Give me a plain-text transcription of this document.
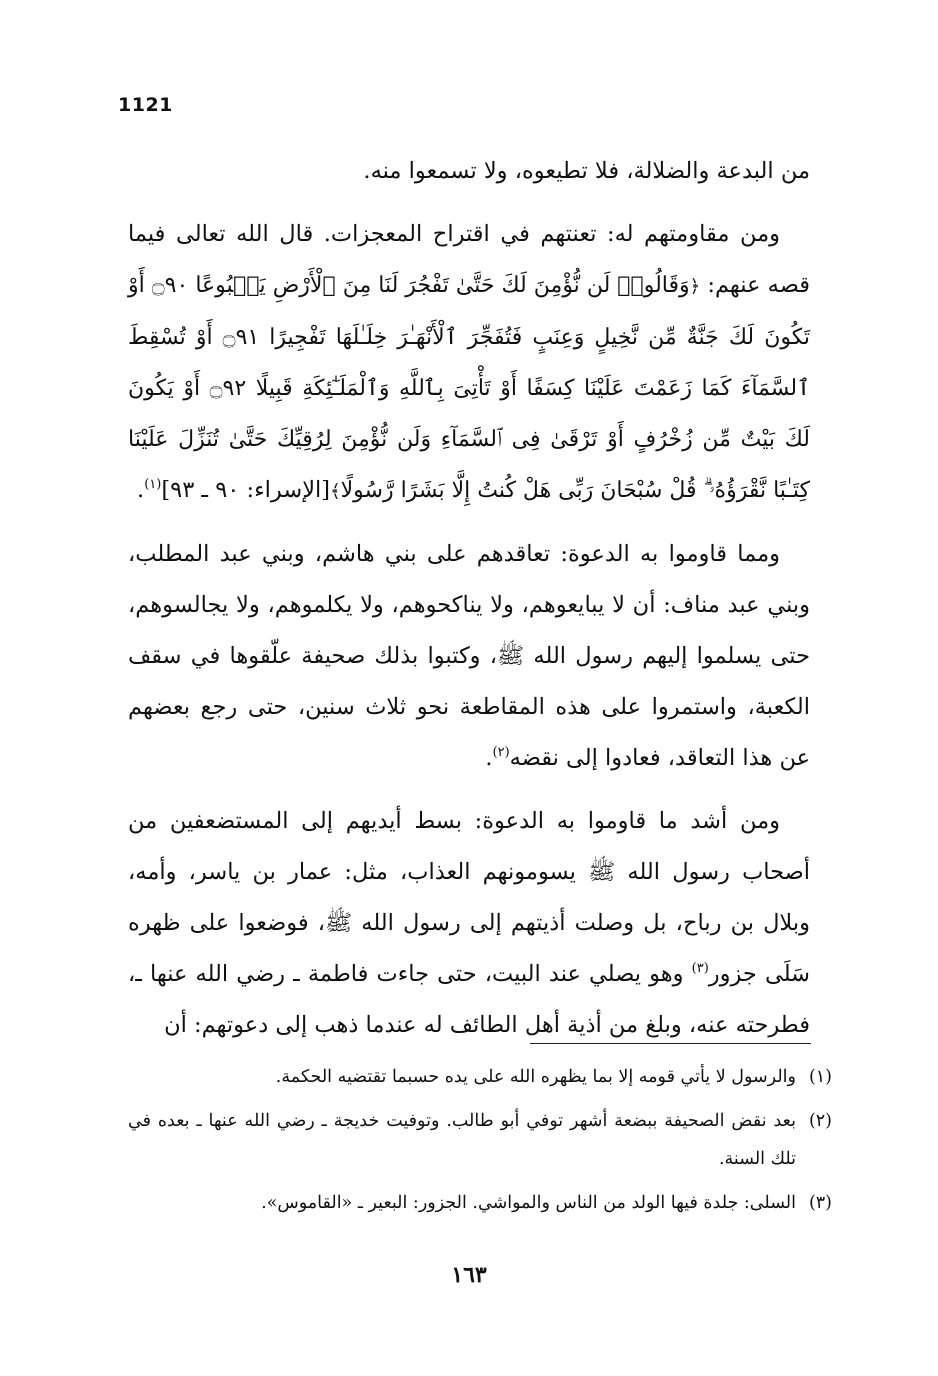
1121

من البدعة والضلالة، فلا تطيعوه، ولا تسمعوا منه.

ومن مقاومتهم له: تعنتهم في اقتراح المعجزات. قال الله تعالى فيما قصه عنهم: ﴿وَقَالُوا۟ لَن نُّؤْمِنَ لَكَ حَتَّىٰ تَفْجُرَ لَنَا مِنَ ٱلْأَرْضِ يَنۢبُوعًا ۝٩٠ أَوْ تَكُونَ لَكَ جَنَّةٌ مِّن نَّخِيلٍ وَعِنَبٍ فَتُفَجِّرَ ٱلْأَنْهَـٰرَ خِلَـٰلَهَا تَفْجِيرًا ۝٩١ أَوْ تُسْقِطَ ٱلسَّمَآءَ كَمَا زَعَمْتَ عَلَيْنَا كِسَفًا أَوْ تَأْتِىَ بِٱللَّهِ وَٱلْمَلَـٰٓئِكَةِ قَبِيلًا ۝٩٢ أَوْ يَكُونَ لَكَ بَيْتٌ مِّن زُخْرُفٍ أَوْ تَرْقَىٰ فِى ٱلسَّمَآءِ وَلَن نُّؤْمِنَ لِرُقِيِّكَ حَتَّىٰ تُنَزِّلَ عَلَيْنَا كِتَـٰبًا نَّقْرَؤُهُۥ ۗ قُلْ سُبْحَانَ رَبِّى هَلْ كُنتُ إِلَّا بَشَرًا رَّسُولًا﴾[الإسراء: ٩٠ ـ ٩٣]$^{(١)}$.

ومما قاوموا به الدعوة: تعاقدهم على بني هاشم، وبني عبد المطلب، وبني عبد مناف: أن لا يبايعوهم، ولا يناكحوهم، ولا يكلموهم، ولا يجالسوهم، حتى يسلموا إليهم رسول الله ﷺ، وكتبوا بذلك صحيفة علّقوها في سقف الكعبة، واستمروا على هذه المقاطعة نحو ثلاث سنين، حتى رجع بعضهم عن هذا التعاقد، فعادوا إلى نقضه$^{(٢)}$.

ومن أشد ما قاوموا به الدعوة: بسط أيديهم إلى المستضعفين من أصحاب رسول الله ﷺ يسومونهم العذاب، مثل: عمار بن ياسر، وأمه، وبلال بن رباح، بل وصلت أذيتهم إلى رسول الله ﷺ، فوضعوا على ظهره سَلَى جزور$^{(٣)}$ وهو يصلي عند البيت، حتى جاءت فاطمة ـ رضي الله عنها ـ، فطرحته عنه، وبلغ من أذية أهل الطائف له عندما ذهب إلى دعوتهم: أن

(١)
والرسول لا يأتي قومه إلا بما يظهره الله على يده حسبما تقتضيه الحكمة.
(٢)
بعد نقض الصحيفة ببضعة أشهر توفي أبو طالب. وتوفيت خديجة ـ رضي الله عنها ـ بعده في تلك السنة.
(٣)
السلى: جلدة فيها الولد من الناس والمواشي. الجزور: البعير ـ «القاموس».
١٦٣
